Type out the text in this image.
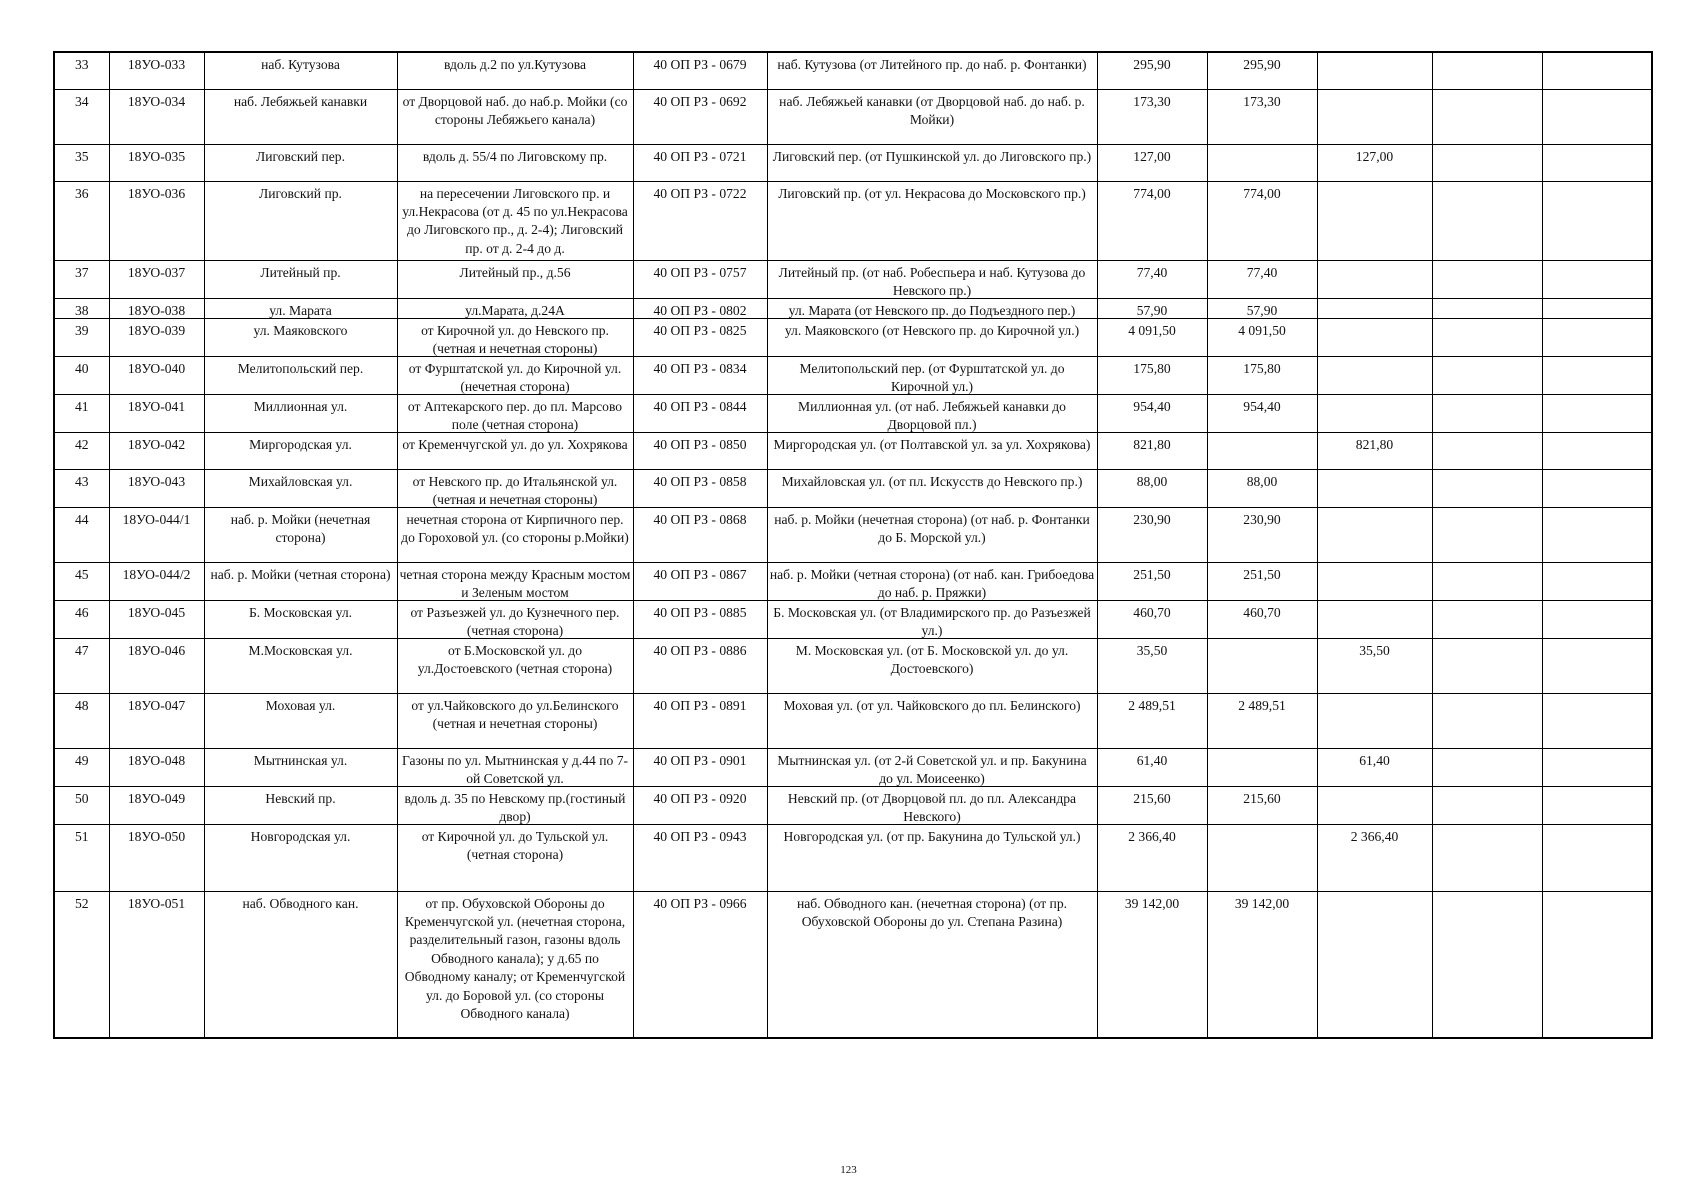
33	18УО-033	наб. Кутузова	вдоль д.2 по ул.Кутузова	40 ОП РЗ - 0679	наб. Кутузова (от Литейного пр. до наб. р. Фонтанки)	295,90	295,90			

34	18УО-034	наб. Лебяжьей канавки	от Дворцовой наб. до наб.р. Мойки (со стороны Лебяжьего канала)	40 ОП РЗ - 0692	наб. Лебяжьей канавки (от Дворцовой наб. до наб. р. Мойки)	173,30	173,30			

35	18УО-035	Лиговский пер.	вдоль д. 55/4 по Лиговскому пр.	40 ОП РЗ - 0721	Лиговский пер. (от Пушкинской ул. до Лиговского пр.)	127,00		127,00		

36	18УО-036	Лиговский пр.	на пересечении Лиговского пр. и ул.Некрасова (от д. 45 по ул.Некрасова до Лиговского пр., д. 2-4); Лиговский пр. от д. 2-4 до д.	40 ОП РЗ - 0722	Лиговский пр. (от ул. Некрасова до Московского пр.)	774,00	774,00			

37	18УО-037	Литейный пр.	Литейный пр., д.56	40 ОП РЗ - 0757	Литейный пр. (от наб. Робеспьера и наб. Кутузова до Невского пр.)	77,40	77,40			

38	18УО-038	ул. Марата	ул.Марата, д.24А	40 ОП РЗ - 0802	ул. Марата (от Невского пр. до Подъездного пер.)	57,90	57,90			

39	18УО-039	ул. Маяковского	от Кирочной ул. до Невского пр. (четная и нечетная стороны)	40 ОП РЗ - 0825	ул. Маяковского (от Невского пр. до Кирочной ул.)	4 091,50	4 091,50			

40	18УО-040	Мелитопольский пер.	от Фурштатской ул. до Кирочной ул. (нечетная сторона)	40 ОП РЗ - 0834	Мелитопольский пер. (от Фурштатской ул. до Кирочной ул.)	175,80	175,80			

41	18УО-041	Миллионная ул.	от Аптекарского пер. до пл. Марсово поле (четная сторона)	40 ОП РЗ - 0844	Миллионная ул. (от наб. Лебяжьей канавки до Дворцовой пл.)	954,40	954,40			

42	18УО-042	Миргородская ул.	от Кременчугской ул. до ул. Хохрякова	40 ОП РЗ - 0850	Миргородская ул. (от Полтавской ул. за ул. Хохрякова)	821,80		821,80		

43	18УО-043	Михайловская ул.	от Невского пр. до Итальянской ул. (четная и нечетная стороны)	40 ОП РЗ - 0858	Михайловская ул. (от пл. Искусств до Невского пр.)	88,00	88,00			

44	18УО-044/1	наб. р. Мойки (нечетная сторона)	нечетная сторона от Кирпичного пер. до Гороховой ул. (со стороны р.Мойки)	40 ОП РЗ - 0868	наб. р. Мойки (нечетная сторона) (от наб. р. Фонтанки до Б. Морской ул.)	230,90	230,90			

45	18УО-044/2	наб. р. Мойки (четная сторона)	четная сторона между Красным мостом и Зеленым мостом	40 ОП РЗ - 0867	наб. р. Мойки (четная сторона) (от наб. кан. Грибоедова до наб. р. Пряжки)	251,50	251,50			

46	18УО-045	Б. Московская ул.	от Разъезжей ул. до Кузнечного пер. (четная сторона)	40 ОП РЗ - 0885	Б. Московская ул. (от Владимирского пр. до Разъезжей ул.)	460,70	460,70			

47	18УО-046	М.Московская ул.	от Б.Московской ул. до ул.Достоевского (четная сторона)	40 ОП РЗ - 0886	М. Московская ул. (от Б. Московской ул. до ул. Достоевского)	35,50		35,50		

48	18УО-047	Моховая ул.	от ул.Чайковского до ул.Белинского (четная и нечетная стороны)	40 ОП РЗ - 0891	Моховая ул. (от ул. Чайковского до пл. Белинского)	2 489,51	2 489,51			

49	18УО-048	Мытнинская ул.	Газоны по ул. Мытнинская у д.44 по 7-ой Советской ул.	40 ОП РЗ - 0901	Мытнинская ул. (от 2-й Советской ул. и пр. Бакунина до ул. Моисеенко)	61,40		61,40		

50	18УО-049	Невский пр.	вдоль д. 35 по Невскому пр.(гостиный двор)	40 ОП РЗ - 0920	Невский пр. (от Дворцовой пл. до пл. Александра Невского)	215,60	215,60			

51	18УО-050	Новгородская ул.	от Кирочной ул. до Тульской ул. (четная сторона)	40 ОП РЗ - 0943	Новгородская ул. (от пр. Бакунина до Тульской ул.)	2 366,40		2 366,40		

52	18УО-051	наб. Обводного кан.	от пр. Обуховской Обороны до Кременчугской ул. (нечетная сторона, разделительный газон, газоны вдоль Обводного канала); у д.65 по Обводному каналу; от Кременчугской ул. до Боровой ул. (со стороны Обводного канала)	40 ОП РЗ - 0966	наб. Обводного кан. (нечетная сторона) (от пр. Обуховской Обороны до ул. Степана Разина)	39 142,00	39 142,00			

123
